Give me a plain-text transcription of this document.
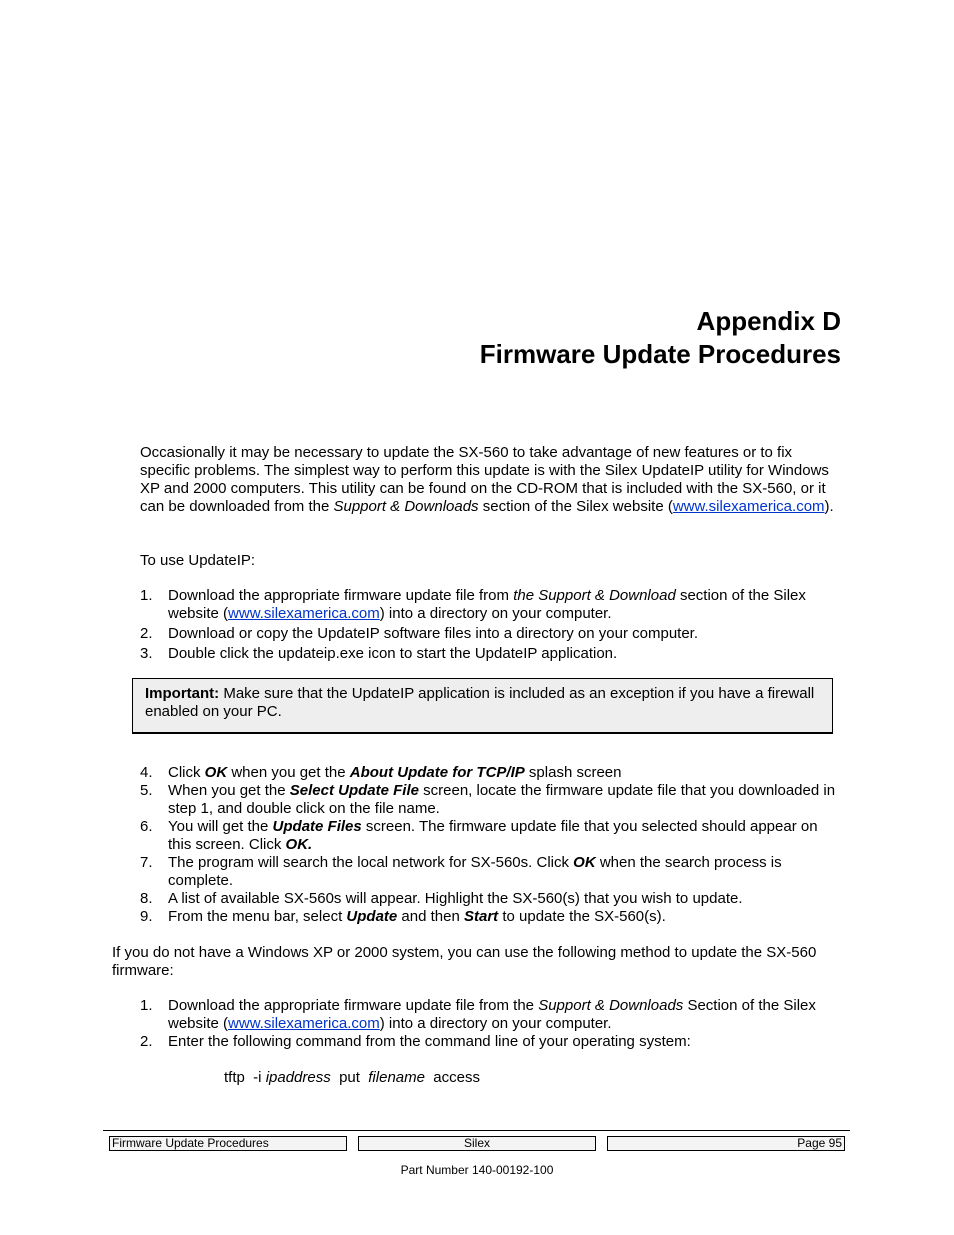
Appendix D
Firmware Update Procedures
Occasionally it may be necessary to update the SX-560 to take advantage of new features or to fix specific problems. The simplest way to perform this update is with the Silex UpdateIP utility for Windows XP and 2000 computers. This utility can be found on the CD-ROM that is included with the SX-560, or it can be downloaded from the Support & Downloads section of the Silex website (www.silexamerica.com).
To use UpdateIP:
1. Download the appropriate firmware update file from the Support & Download section of the Silex website (www.silexamerica.com) into a directory on your computer.
2. Download or copy the UpdateIP software files into a directory on your computer.
3. Double click the updateip.exe icon to start the UpdateIP application.
Important: Make sure that the UpdateIP application is included as an exception if you have a firewall enabled on your PC.
4. Click OK when you get the About Update for TCP/IP splash screen
5. When you get the Select Update File screen, locate the firmware update file that you downloaded in step 1, and double click on the file name.
6. You will get the Update Files screen. The firmware update file that you selected should appear on this screen. Click OK.
7. The program will search the local network for SX-560s. Click OK when the search process is complete.
8. A list of available SX-560s will appear. Highlight the SX-560(s) that you wish to update.
9. From the menu bar, select Update and then Start to update the SX-560(s).
If you do not have a Windows XP or 2000 system, you can use the following method to update the SX-560 firmware:
1. Download the appropriate firmware update file from the Support & Downloads Section of the Silex website (www.silexamerica.com) into a directory on your computer.
2. Enter the following command from the command line of your operating system:
tftp  -i ipaddress  put  filename  access
Firmware Update Procedures	Silex	Page 95
Part Number 140-00192-100
